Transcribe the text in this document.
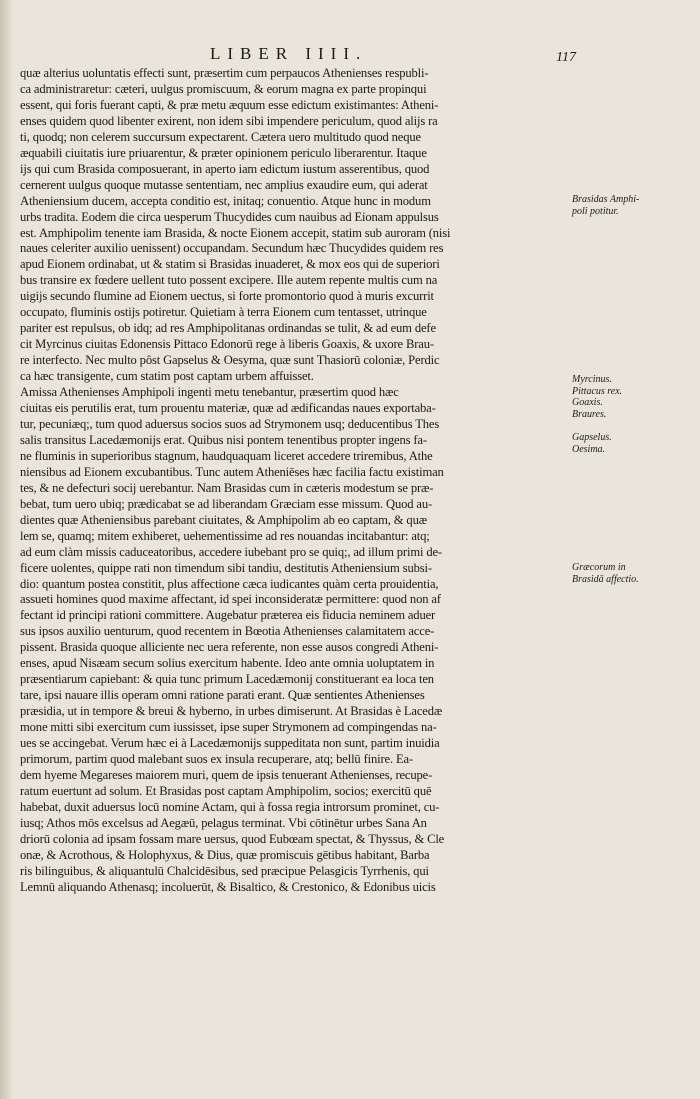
LIBER IIII.	117
quæ alterius uoluntatis effecti sunt, præsertim cum perpaucos Athenienses respubli-
ca administraretur: cæteri, uulgus promiscuum, & eorum magna ex parte propinqui
essent, qui foris fuerant capti, & præ metu æquum esse edictum existimantes: Atheni-
enses quidem quod libenter exirent, non idem sibi impendere periculum, quod alijs ra
ti, quodq; non celerem succursum expectarent. Cætera uero multitudo quod neque
æquabili ciuitatis iure priuarentur, & præter opinionem periculo liberarentur. Itaque
ijs qui cum Brasida composuerant, in aperto iam edictum iustum asserentibus, quod
cernerent uulgus quoque mutasse sententiam, nec amplius exaudire eum, qui aderat
Atheniensium ducem, accepta conditio est, initaq; conuentio. Atque hunc in modum
urbs tradita. Eodem die circa uesperum Thucydides cum nauibus ad Eionam appulsus
est. Amphipolim tenente iam Brasida, & nocte Eionem accepit, statim sub auroram (nisi
naues celeriter auxilio uenissent) occupandam. Secundum hæc Thucydides quidem res
apud Eionem ordinabat, ut & statim si Brasidas inuaderet, & mox eos qui de superiori
bus transire ex fœdere uellent tuto possent excipere. Ille autem repente multis cum na
uigijs secundo flumine ad Eionem uectus, si forte promontorio quod à muris excurrit
occupato, fluminis ostijs potiretur. Quietiam à terra Eionem cum tentasset, utrinque
pariter est repulsus, ob idq; ad res Amphipolitanas ordinandas se tulit, & ad eum defe
cit Myrcinus ciuitas Edonensis Pittaco Edonorū rege à liberis Goaxis, & uxore Brau-
re interfecto. Nec multo pôst Gapselus & Oesyma, quæ sunt Thasiorū coloniæ, Perdic
ca hæc transigente, cum statim post captam urbem affuisset.
Amissa Athenienses Amphipoli ingenti metu tenebantur, præsertim quod hæc
ciuitas eis perutilis erat, tum prouentu materiæ, quæ ad ædificandas naues exportaba-
tur, pecuniæq;, tum quod aduersus socios suos ad Strymonem usq; deducentibus Thes
salis transitus Lacedæmonijs erat. Quibus nisi pontem tenentibus propter ingens fa-
ne fluminis in superioribus stagnum, haudquaquam liceret accedere triremibus, Athe
niensibus ad Eionem excubantibus. Tunc autem Atheniēses hæc facilia factu existiman
tes, & ne defecturi socij uerebantur. Nam Brasidas cum in cæteris modestum se præ-
bebat, tum uero ubiq; prædicabat se ad liberandam Græciam esse missum. Quod au-
dientes quæ Atheniensibus parebant ciuitates, & Amphipolim ab eo captam, & quæ
lem se, quamq; mitem exhiberet, uehementissime ad res nouandas incitabantur: atq;
ad eum clàm missis caduceatoribus, accedere iubebant pro se quiq;, ad illum primi de-
ficere uolentes, quippe rati non timendum sibi tandiu, destitutis Atheniensium subsi-
dio: quantum postea constitit, plus affectione cæca iudicantes quàm certa prouidentia,
assueti homines quod maxime affectant, id spei inconsideratæ permittere: quod non af
fectant id principi rationi committere. Augebatur præterea eis fiducia neminem aduer
sus ipsos auxilio uenturum, quod recentem in Bœotia Athenienses calamitatem acce-
pissent. Brasida quoque alliciente nec uera referente, non esse ausos congredi Atheni-
enses, apud Nisæam secum solius exercitum habente. Ideo ante omnia uoluptatem in
præsentiarum capiebant: & quia tunc primum Lacedæmonij constituerant ea loca ten
tare, ipsi nauare illis operam omni ratione parati erant. Quæ sentientes Athenienses
præsidia, ut in tempore & breui & hyberno, in urbes dimiserunt. At Brasidas è Lacedæ
mone mitti sibi exercitum cum iussisset, ipse super Strymonem ad compingendas na-
ues se accingebat. Verum hæc ei à Lacedæmonijs suppeditata non sunt, partim inuidia
primorum, partim quod malebant suos ex insula recuperare, atq; bellū finire. Ea-
dem hyeme Megareses maiorem muri, quem de ipsis tenuerant Athenienses, recupe-
ratum euertunt ad solum. Et Brasidas post captam Amphipolim, socios; exercitū quē
habebat, duxit aduersus locū nomine Actam, qui à fossa regia introrsum prominet, cu-
iusq; Athos mōs excelsus ad Aegæū, pelagus terminat. Vbi cōtinētur urbes Sana An
driorū colonia ad ipsam fossam mare uersus, quod Eubœam spectat, & Thyssus, & Cle
onæ, & Acrothous, & Holophyxus, & Dius, quæ promiscuis gētibus habitant, Barba
ris bilinguibus, & aliquantulū Chalcidēsibus, sed præcipue Pelasgicis Tyrrhenis, qui
Lemnū aliquando Athenasq; incoluerūt, & Bisaltico, & Crestonico, & Edonibus uicis
Brasidas Amphi-
poli potitur.
Myrcinus.
Pittacus rex.
Goaxis.
Braures.
Gapselus.
Oesima.
Græcorum in
Brasidā affectio.
